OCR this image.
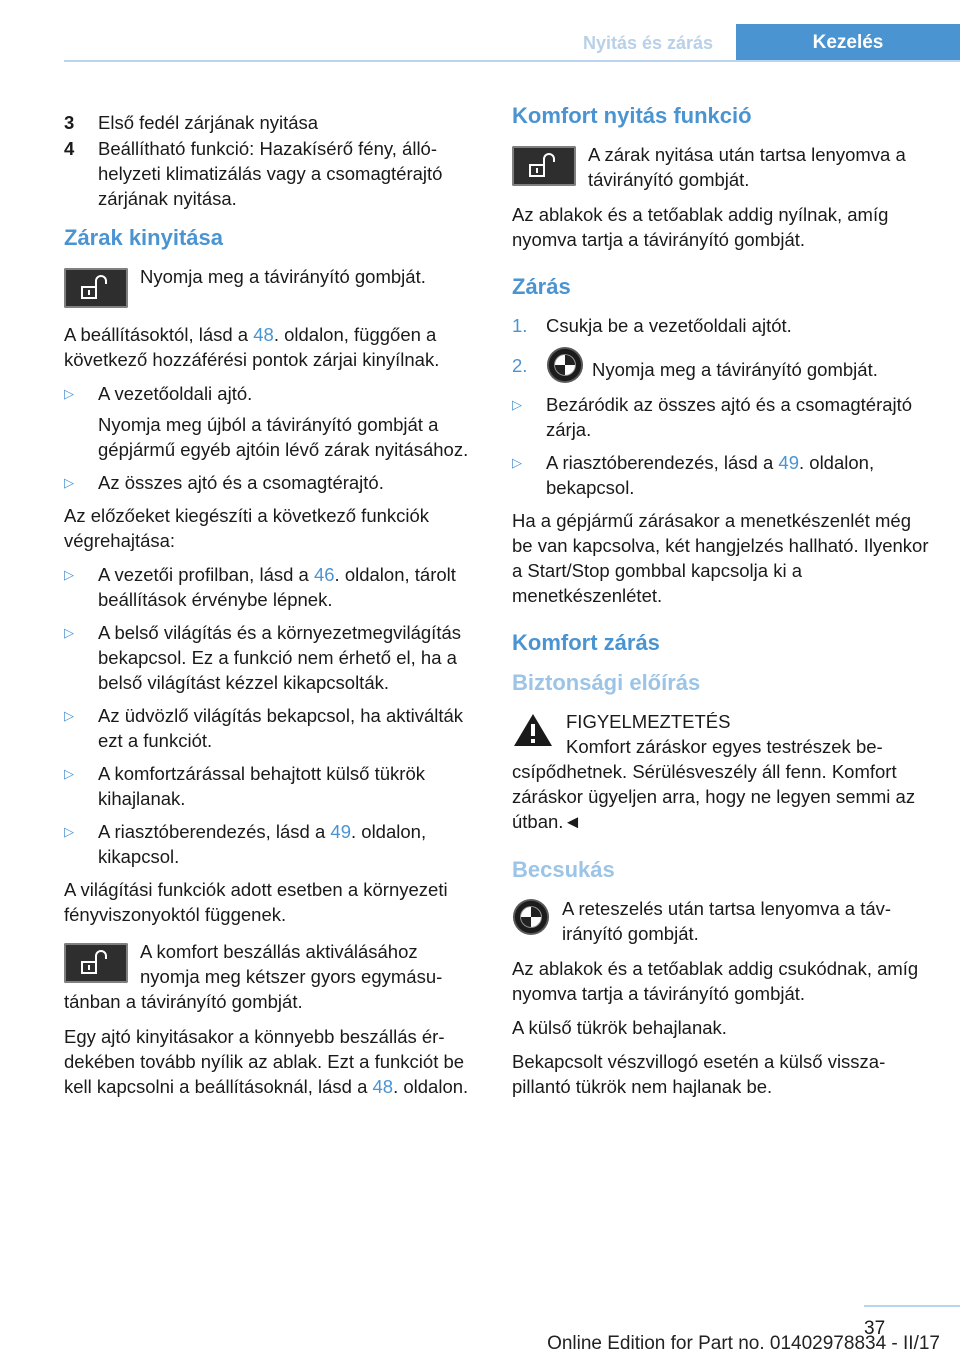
Nyitás és zárás	Kezelés
3	Első fedél zárjának nyitása
4	Beállítható funkció: Hazakísérő fény, állóhelyzeti klimatizálás vagy a csomagtérajtó zárjának nyitása.
Zárak kinyitása
Nyomja meg a távirányító gombját.

A beállításoktól, lásd a 48. oldalon, függően a következő hozzáférési pontok zárjai kinyílnak.

▷	A vezetőoldali ajtó.

Nyomja meg újból a távirányító gombját a gépjármű egyéb ajtóin lévő zárak nyitásához.

▷	Az összes ajtó és a csomagtérajtó.

Az előzőeket kiegészíti a következő funkciók végrehajtása:

▷	A vezetői profilban, lásd a 46. oldalon, tárolt beállítások érvénybe lépnek.

▷	A belső világítás és a környezetmegvilágítás bekapcsol. Ez a funkció nem érhető el, ha a belső világítást kézzel kikapcsolták.

▷	Az üdvözlő világítás bekapcsol, ha aktiválták ezt a funkciót.

▷	A komfortzárással behajtott külső tükrök kihajlanak.

▷	A riasztóberendezés, lásd a 49. oldalon, kikapcsol.

A világítási funkciók adott esetben a környezeti fényviszonyoktól függenek.

A komfort beszállás aktiválásához nyomja meg kétszer gyors egymásutánban a távirányító gombját.

Egy ajtó kinyitásakor a könnyebb beszállás érdekében tovább nyílik az ablak. Ezt a funkciót be kell kapcsolni a beállításoknál, lásd a 48. oldalon.

Komfort nyitás funkció
A zárak nyitása után tartsa lenyomva a távirányító gombját.

Az ablakok és a tetőablak addig nyílnak, amíg nyomva tartja a távirányító gombját.

Zárás
1.	Csukja be a vezetőoldali ajtót.
2.	Nyomja meg a távirányító gombját.
▷	Bezáródik az összes ajtó és a csomagtérajtó zárja.

▷	A riasztóberendezés, lásd a 49. oldalon, bekapcsol.

Ha a gépjármű zárásakor a menetkészenlét még be van kapcsolva, két hangjelzés hallható. Ilyenkor a Start/Stop gombbal kapcsolja ki a menetkészenlétet.

Komfort zárás
Biztonsági előírás
FIGYELMEZTETÉS
Komfort záráskor egyes testrészek becsípődhetnek. Sérülésveszély áll fenn. Komfort záráskor ügyeljen arra, hogy ne legyen semmi az útban.◄
Becsukás
A reteszelés után tartsa lenyomva a távirányító gombját.

Az ablakok és a tetőablak addig csukódnak, amíg nyomva tartja a távirányító gombját.

A külső tükrök behajlanak.

Bekapcsolt vészvillogó esetén a külső visszapillantó tükrök nem hajlanak be.

37
Online Edition for Part no. 01402978834 - II/17
